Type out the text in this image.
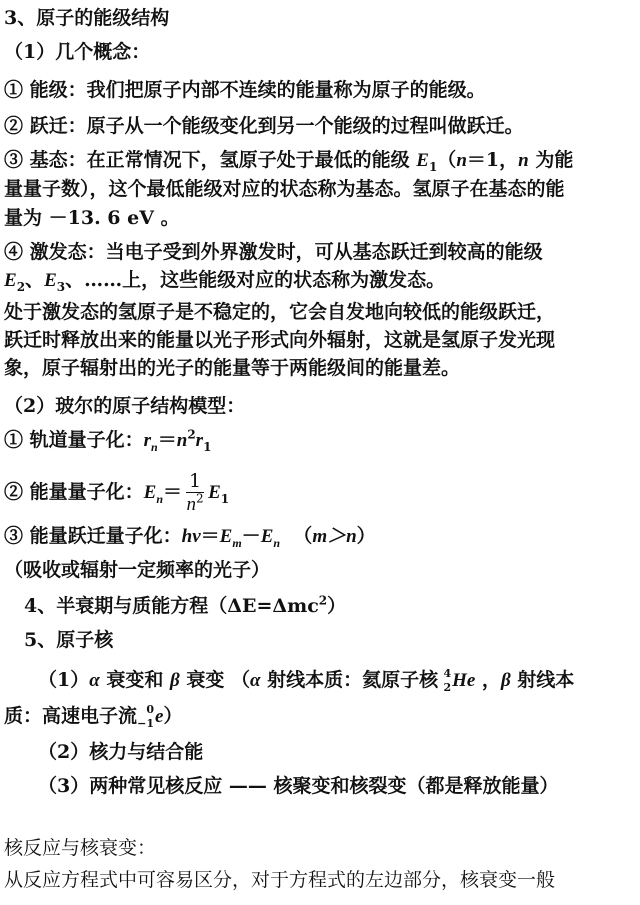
3、原子的能级结构
（1）几个概念：
① 能级：我们把原子内部不连续的能量称为原子的能级。
② 跃迁：原子从一个能级变化到另一个能级的过程叫做跃迁。
③ 基态：在正常情况下，氢原子处于最低的能级 $E_1(n=1$，n 为能
量量子数），这个最低能级对应的状态称为基态。氢原子在基态的能
量为 －13. 6 eV 。
④ 激发态：当电子受到外界激发时，可从基态跃迁到较高的能级
$E_2$、$E_3$、……上，这些能级对应的状态称为激发态。
处于激发态的氢原子是不稳定的，它会自发地向较低的能级跃迁，
跃迁时释放出来的能量以光子形式向外辐射，这就是氢原子发光现
象，原子辐射出的光子的能量等于两能级间的能量差。
（2）玻尔的原子结构模型：
① 轨道量子化：$r_n=n^2r_1$
② 能量量子化：$E_n= \frac{1}{n^2} E_1$
③ 能量跃迁量子化：$h\nu=E_m-E_n$ （m＞n）
（吸收或辐射一定频率的光子）
4、半衰期与质能方程（ΔE=Δmc$^2$）
5、原子核
（1）α 衰变和 β 衰变 （α 射线本质：氦原子核 4
2 He ，β 射线本
质：高速电子流 0
−1 e）
（2）核力与结合能
（3）两种常见核反应 —— 核聚变和核裂变（都是释放能量）
核反应与核衰变：
从反应方程式中可容易区分，对于方程式的左边部分，核衰变一般
